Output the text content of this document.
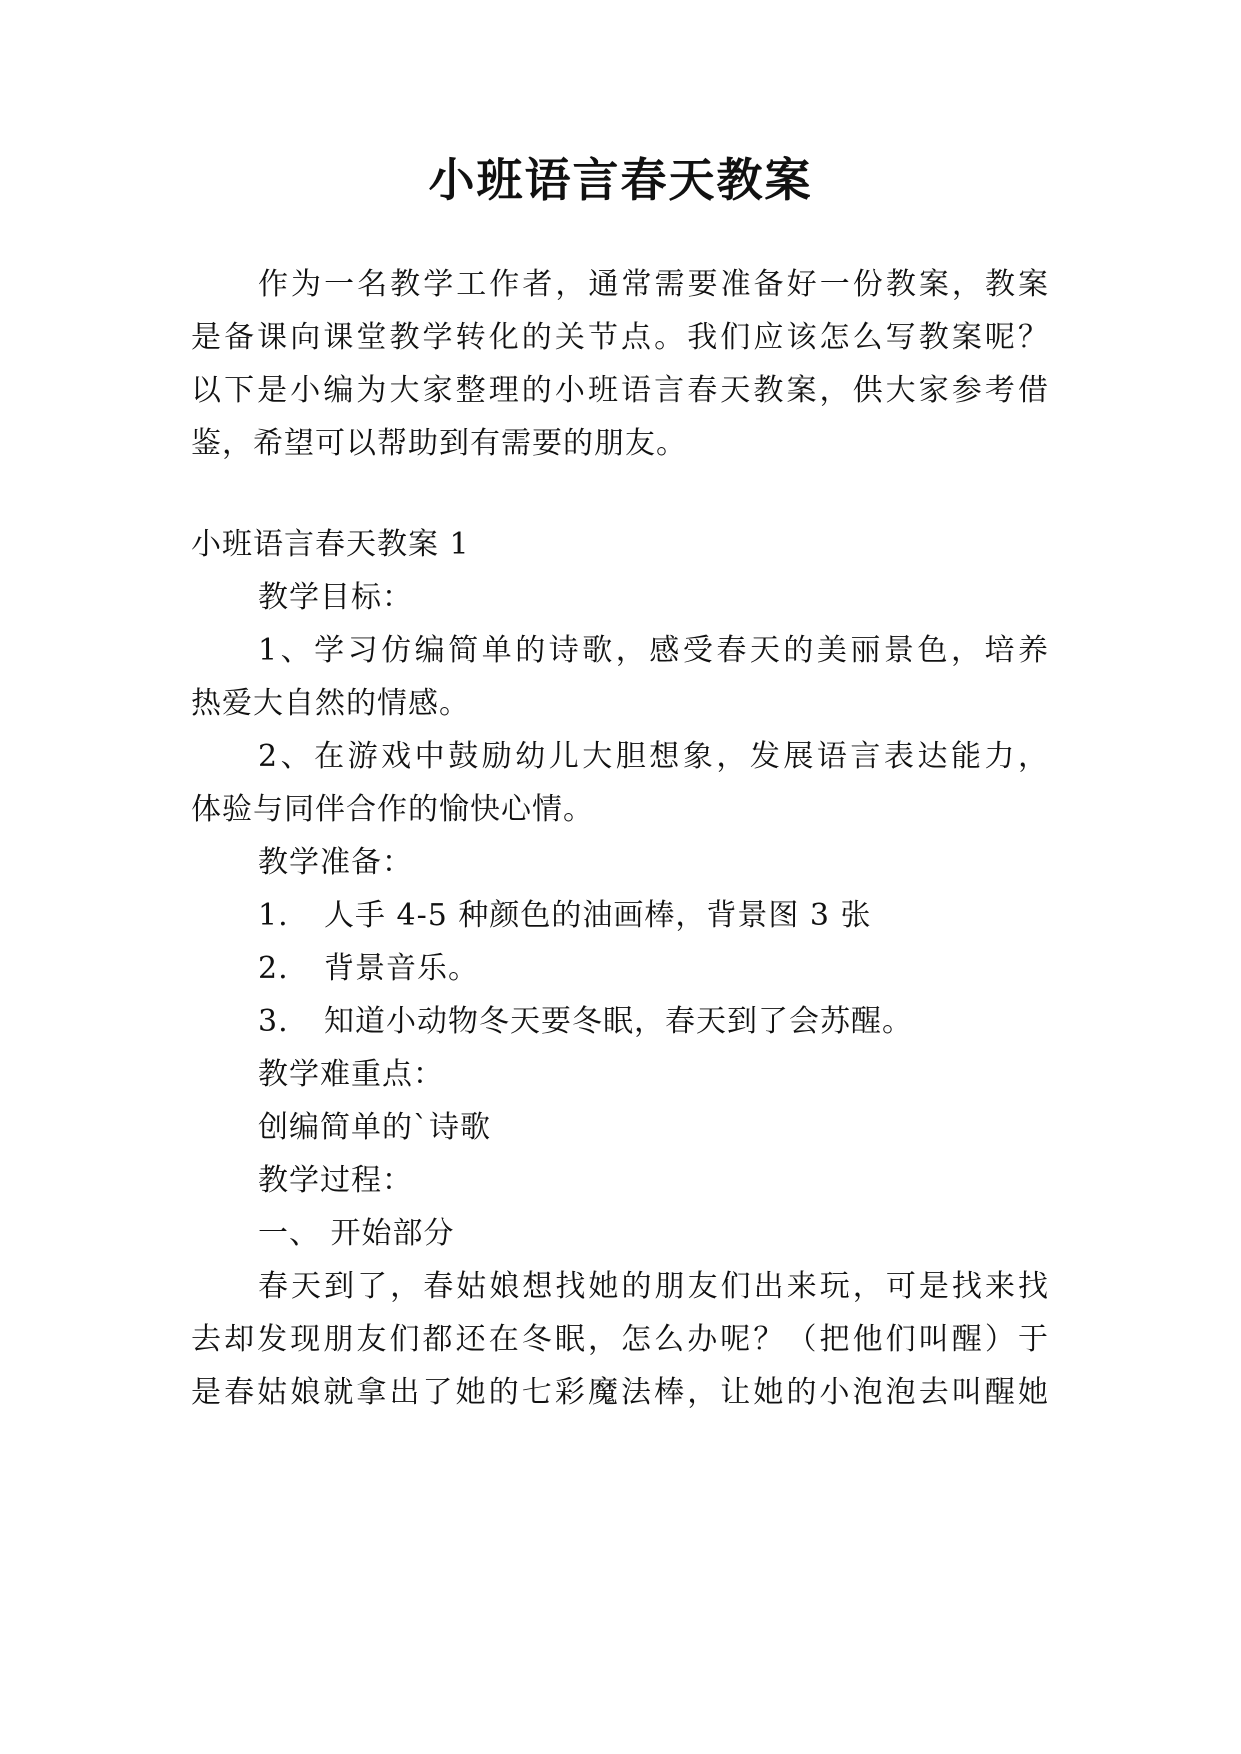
小班语言春天教案
作为一名教学工作者，通常需要准备好一份教案，教案
是备课向课堂教学转化的关节点。我们应该怎么写教案呢？
以下是小编为大家整理的小班语言春天教案，供大家参考借
鉴，希望可以帮助到有需要的朋友。
小班语言春天教案 1
教学目标：
1、学习仿编简单的诗歌，感受春天的美丽景色，培养
热爱大自然的情感。
2、在游戏中鼓励幼儿大胆想象，发展语言表达能力，
体验与同伴合作的愉快心情。
教学准备：
1. 人手 4-5 种颜色的油画棒，背景图 3 张
2. 背景音乐。
3. 知道小动物冬天要冬眠，春天到了会苏醒。
教学难重点：
创编简单的`诗歌
教学过程：
一、 开始部分
春天到了，春姑娘想找她的朋友们出来玩，可是找来找
去却发现朋友们都还在冬眠，怎么办呢？（把他们叫醒）于
是春姑娘就拿出了她的七彩魔法棒，让她的小泡泡去叫醒她
